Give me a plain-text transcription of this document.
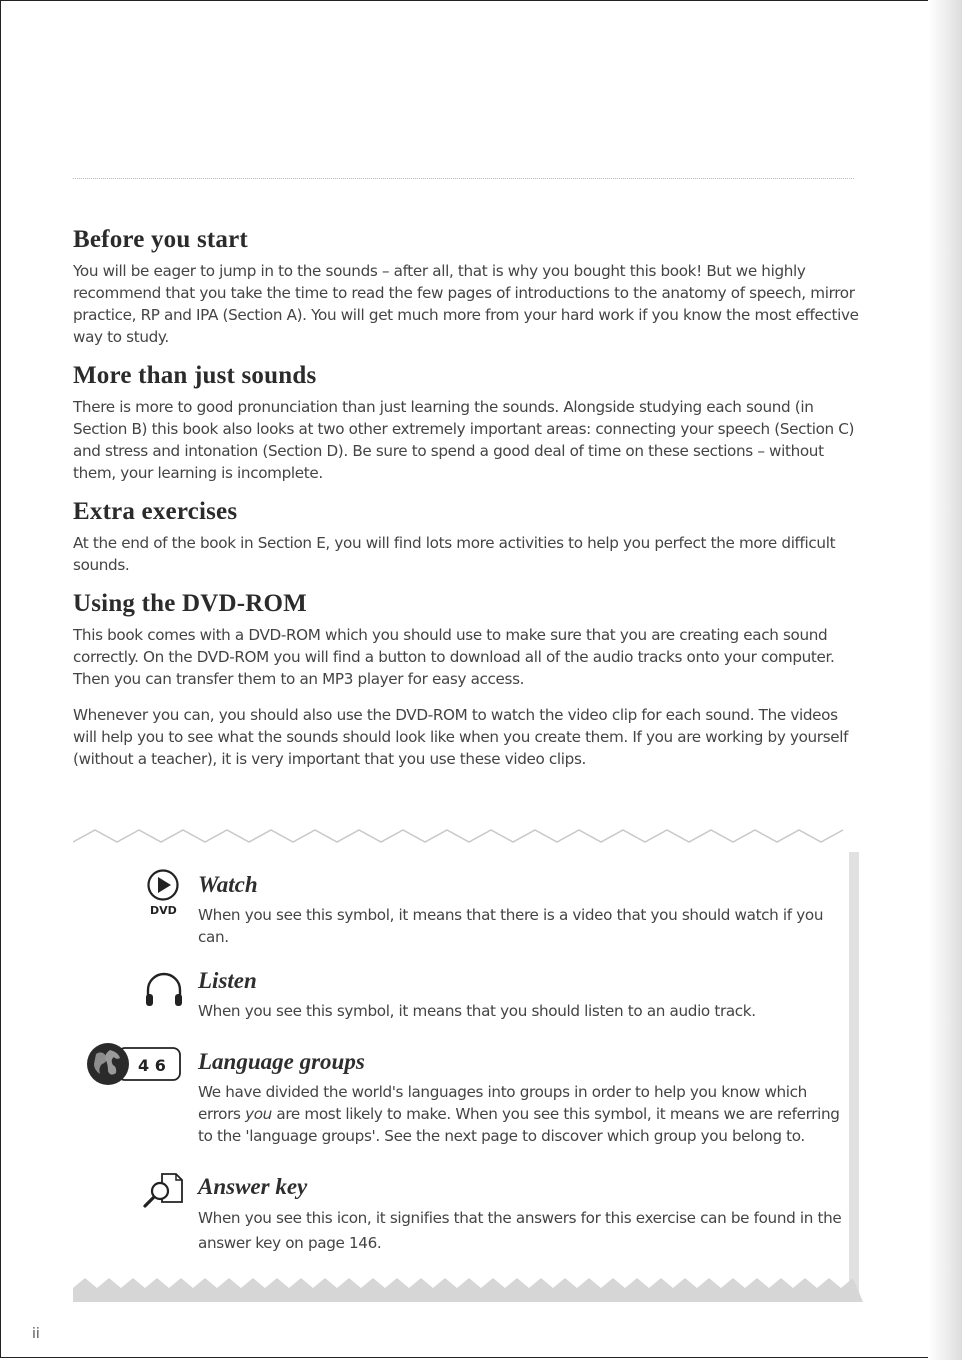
Before you start

You will be eager to jump in to the sounds – after all, that is why you bought this book! But we highly recommend that you take the time to read the few pages of introductions to the anatomy of speech, mirror practice, RP and IPA (Section A). You will get much more from your hard work if you know the most effective way to study.

More than just sounds

There is more to good pronunciation than just learning the sounds. Alongside studying each sound (in Section B) this book also looks at two other extremely important areas: connecting your speech (Section C) and stress and intonation (Section D). Be sure to spend a good deal of time on these sections – without them, your learning is incomplete.

Extra exercises

At the end of the book in Section E, you will find lots more activities to help you perfect the more difficult sounds.

Using the DVD-ROM

This book comes with a DVD-ROM which you should use to make sure that you are creating each sound correctly. On the DVD-ROM you will find a button to download all of the audio tracks onto your computer. Then you can transfer them to an MP3 player for easy access.

Whenever you can, you should also use the DVD-ROM to watch the video clip for each sound. The videos will help you to see what the sounds should look like when you create them. If you are working by yourself (without a teacher), it is very important that you use these video clips.

DVD
Watch

When you see this symbol, it means that there is a video that you should watch if you can.

Listen

When you see this symbol, it means that you should listen to an audio track.

4 6 Language groups

We have divided the world's languages into groups in order to help you know which errors you are most likely to make. When you see this symbol, it means we are referring to the 'language groups'. See the next page to discover which group you belong to.

Answer key

When you see this icon, it signifies that the answers for this exercise can be found in the answer key on page 146.

ii
